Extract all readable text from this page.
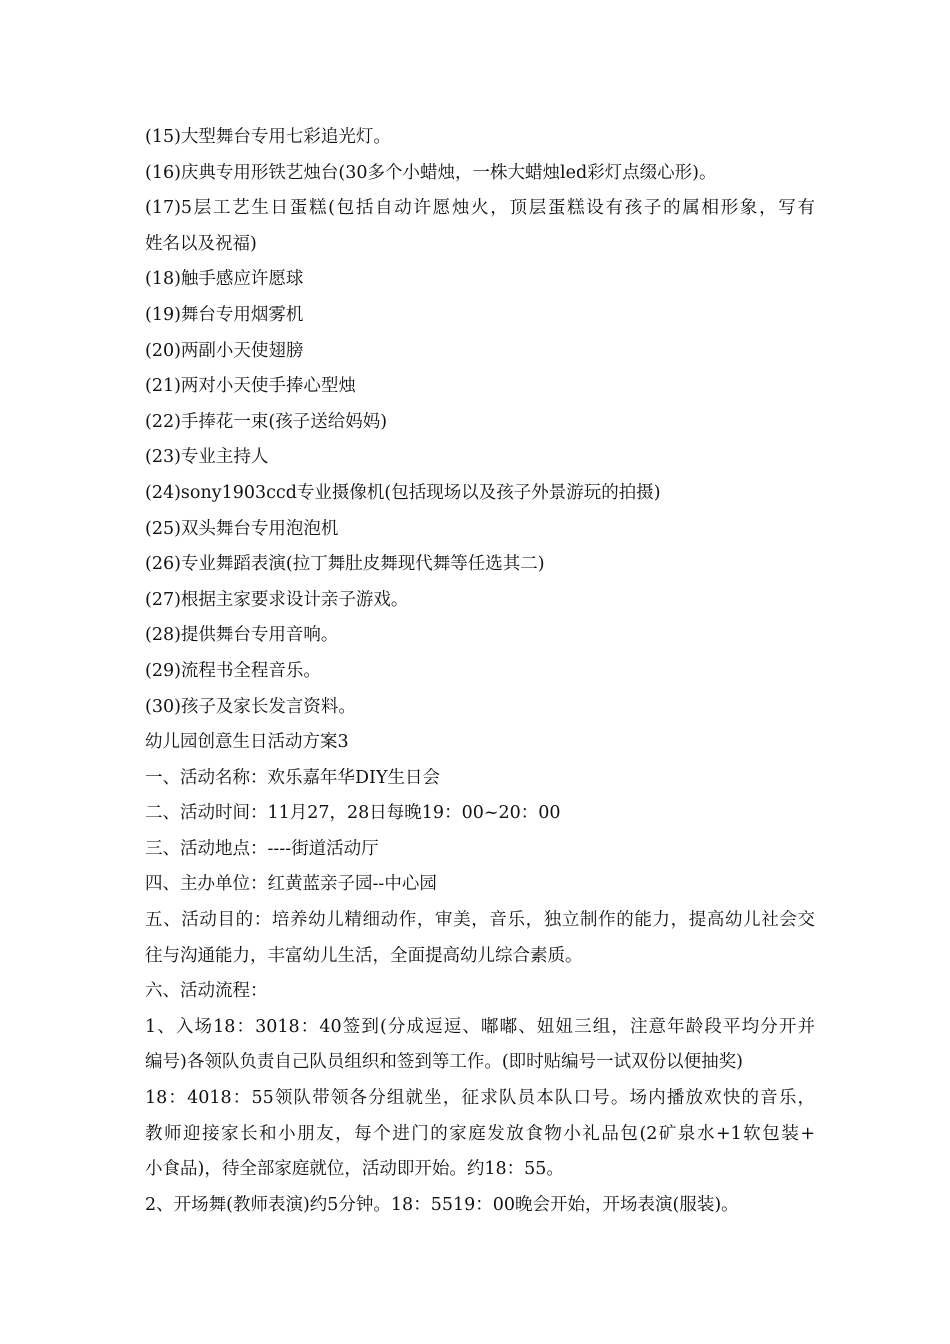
(15)大型舞台专用七彩追光灯。

(16)庆典专用形铁艺烛台(30多个小蜡烛，一株大蜡烛led彩灯点缀心形)。

(17)5层工艺生日蛋糕(包括自动许愿烛火，顶层蛋糕设有孩子的属相形象，写有

姓名以及祝福)

(18)触手感应许愿球

(19)舞台专用烟雾机

(20)两副小天使翅膀

(21)两对小天使手捧心型烛

(22)手捧花一束(孩子送给妈妈)

(23)专业主持人

(24)sony1903ccd专业摄像机(包括现场以及孩子外景游玩的拍摄)

(25)双头舞台专用泡泡机

(26)专业舞蹈表演(拉丁舞肚皮舞现代舞等任选其二)

(27)根据主家要求设计亲子游戏。

(28)提供舞台专用音响。

(29)流程书全程音乐。

(30)孩子及家长发言资料。

幼儿园创意生日活动方案3

一、活动名称：欢乐嘉年华DIY生日会

二、活动时间：11月27，28日每晚19：00~20：00

三、活动地点：----街道活动厅

四、主办单位：红黄蓝亲子园--中心园

五、活动目的：培养幼儿精细动作，审美，音乐，独立制作的能力，提高幼儿社会交

往与沟通能力，丰富幼儿生活，全面提高幼儿综合素质。

六、活动流程：

1、入场18：3018：40签到(分成逗逗、嘟嘟、妞妞三组，注意年龄段平均分开并

编号)各领队负责自己队员组织和签到等工作。(即时贴编号一试双份以便抽奖)

18：4018：55领队带领各分组就坐，征求队员本队口号。场内播放欢快的音乐，

教师迎接家长和小朋友，每个进门的家庭发放食物小礼品包(2矿泉水+1软包装+

小食品)，待全部家庭就位，活动即开始。约18：55。

2、开场舞(教师表演)约5分钟。18：5519：00晚会开始，开场表演(服装)。
